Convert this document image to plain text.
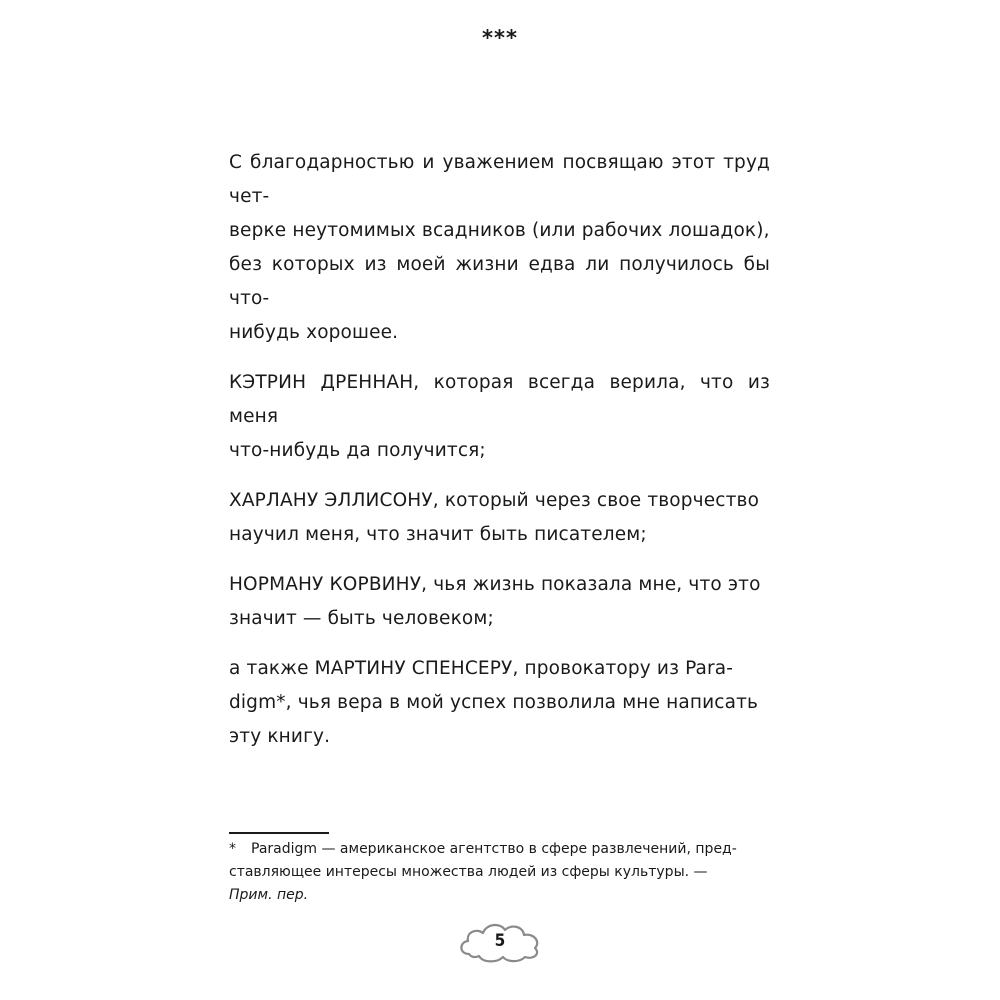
***

С благодарностью и уважением посвящаю этот труд чет-
верке неутомимых всадников (или рабочих лошадок),
без которых из моей жизни едва ли получилось бы что-
нибудь хорошее.

КЭТРИН ДРЕННАН, которая всегда верила, что из меня
что-нибудь да получится;

ХАРЛАНУ ЭЛЛИСОНУ, который через свое творчество
научил меня, что значит быть писателем;

НОРМАНУ КОРВИНУ, чья жизнь показала мне, что это
значит — быть человеком;

а также МАРТИНУ СПЕНСЕРУ, провокатору из Para-
digm*, чья вера в мой успех позволила мне написать
эту книгу.

* Paradigm — американское агентство в сфере развлечений, пред-
ставляющее интересы множества людей из сферы культуры. —
Прим. пер.
5
